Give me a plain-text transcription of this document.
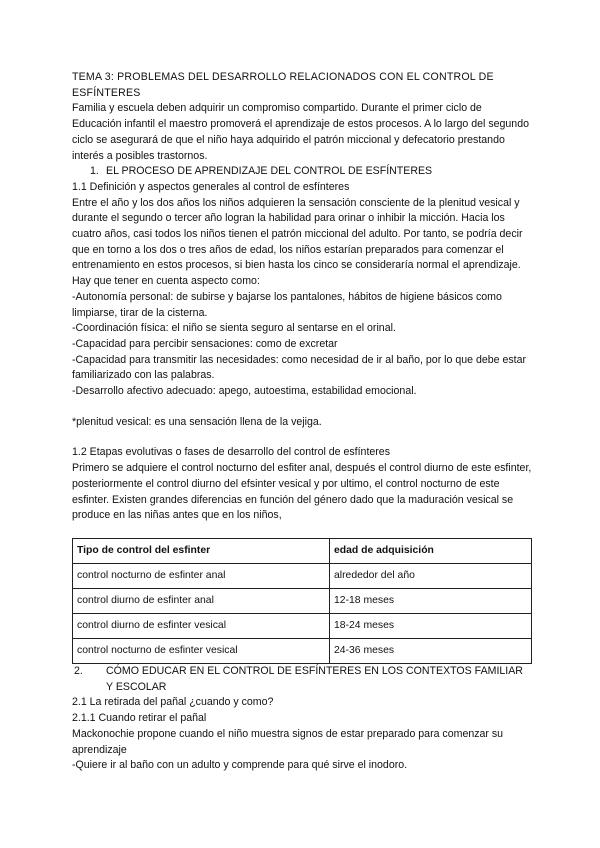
TEMA 3: PROBLEMAS DEL DESARROLLO RELACIONADOS CON EL CONTROL DE ESFÍNTERES

Familia y escuela deben adquirir un compromiso compartido. Durante el primer ciclo de Educación infantil el maestro promoverá el aprendizaje de estos procesos. A lo largo del segundo ciclo se asegurará de que el niño haya adquirido el patrón miccional y defecatorio prestando interés a posibles trastornos.

1. EL PROCESO DE APRENDIZAJE DEL CONTROL DE ESFÍNTERES

1.1 Definición y aspectos generales al control de esfínteres

Entre el año y los dos años los niños adquieren la sensación consciente de la plenitud vesical y durante el segundo o tercer año logran la habilidad para orinar o inhibir la micción. Hacia los cuatro años, casi todos los niños tienen el patrón miccional del adulto. Por tanto, se podría decir que en torno a los dos o tres años de edad, los niños estarían preparados para comenzar el entrenamiento en estos procesos, si bien hasta los cinco se consideraría normal el aprendizaje.

Hay que tener en cuenta aspecto como:

-Autonomía personal: de subirse y bajarse los pantalones, hábitos de higiene básicos como limpiarse, tirar de la cisterna.

-Coordinación física: el niño se sienta seguro al sentarse en el orinal.

-Capacidad para percibir sensaciones: como de excretar

-Capacidad para transmitir las necesidades: como necesidad de ir al baño, por lo que debe estar familiarizado con las palabras.

-Desarrollo afectivo adecuado: apego, autoestima, estabilidad emocional.

*plenitud vesical: es una sensación llena de la vejiga.

1.2 Etapas evolutivas o fases de desarrollo del control de esfínteres

Primero se adquiere el control nocturno del esfiter anal, después el control diurno de este esfinter, posteriormente el control diurno del efsinter vesical y por ultimo, el control nocturno de este esfinter. Existen grandes diferencias en función del género dado que la maduración vesical se produce en las niñas antes que en los niños,

Tipo de control del esfinter	edad de adquisición
control nocturno de esfinter anal	alrededor del año
control diurno de esfinter anal	12-18 meses
control diurno de esfinter vesical	18-24 meses
control nocturno de esfinter vesical	24-36 meses

2. CÓMO EDUCAR EN EL CONTROL DE ESFÍNTERES EN LOS CONTEXTOS FAMILIAR Y ESCOLAR

2.1 La retirada del pañal ¿cuando y como?

2.1.1 Cuando retirar el pañal

Mackonochie propone cuando el niño muestra signos de estar preparado para comenzar su aprendizaje

-Quiere ir al baño con un adulto y comprende para qué sirve el inodoro.
